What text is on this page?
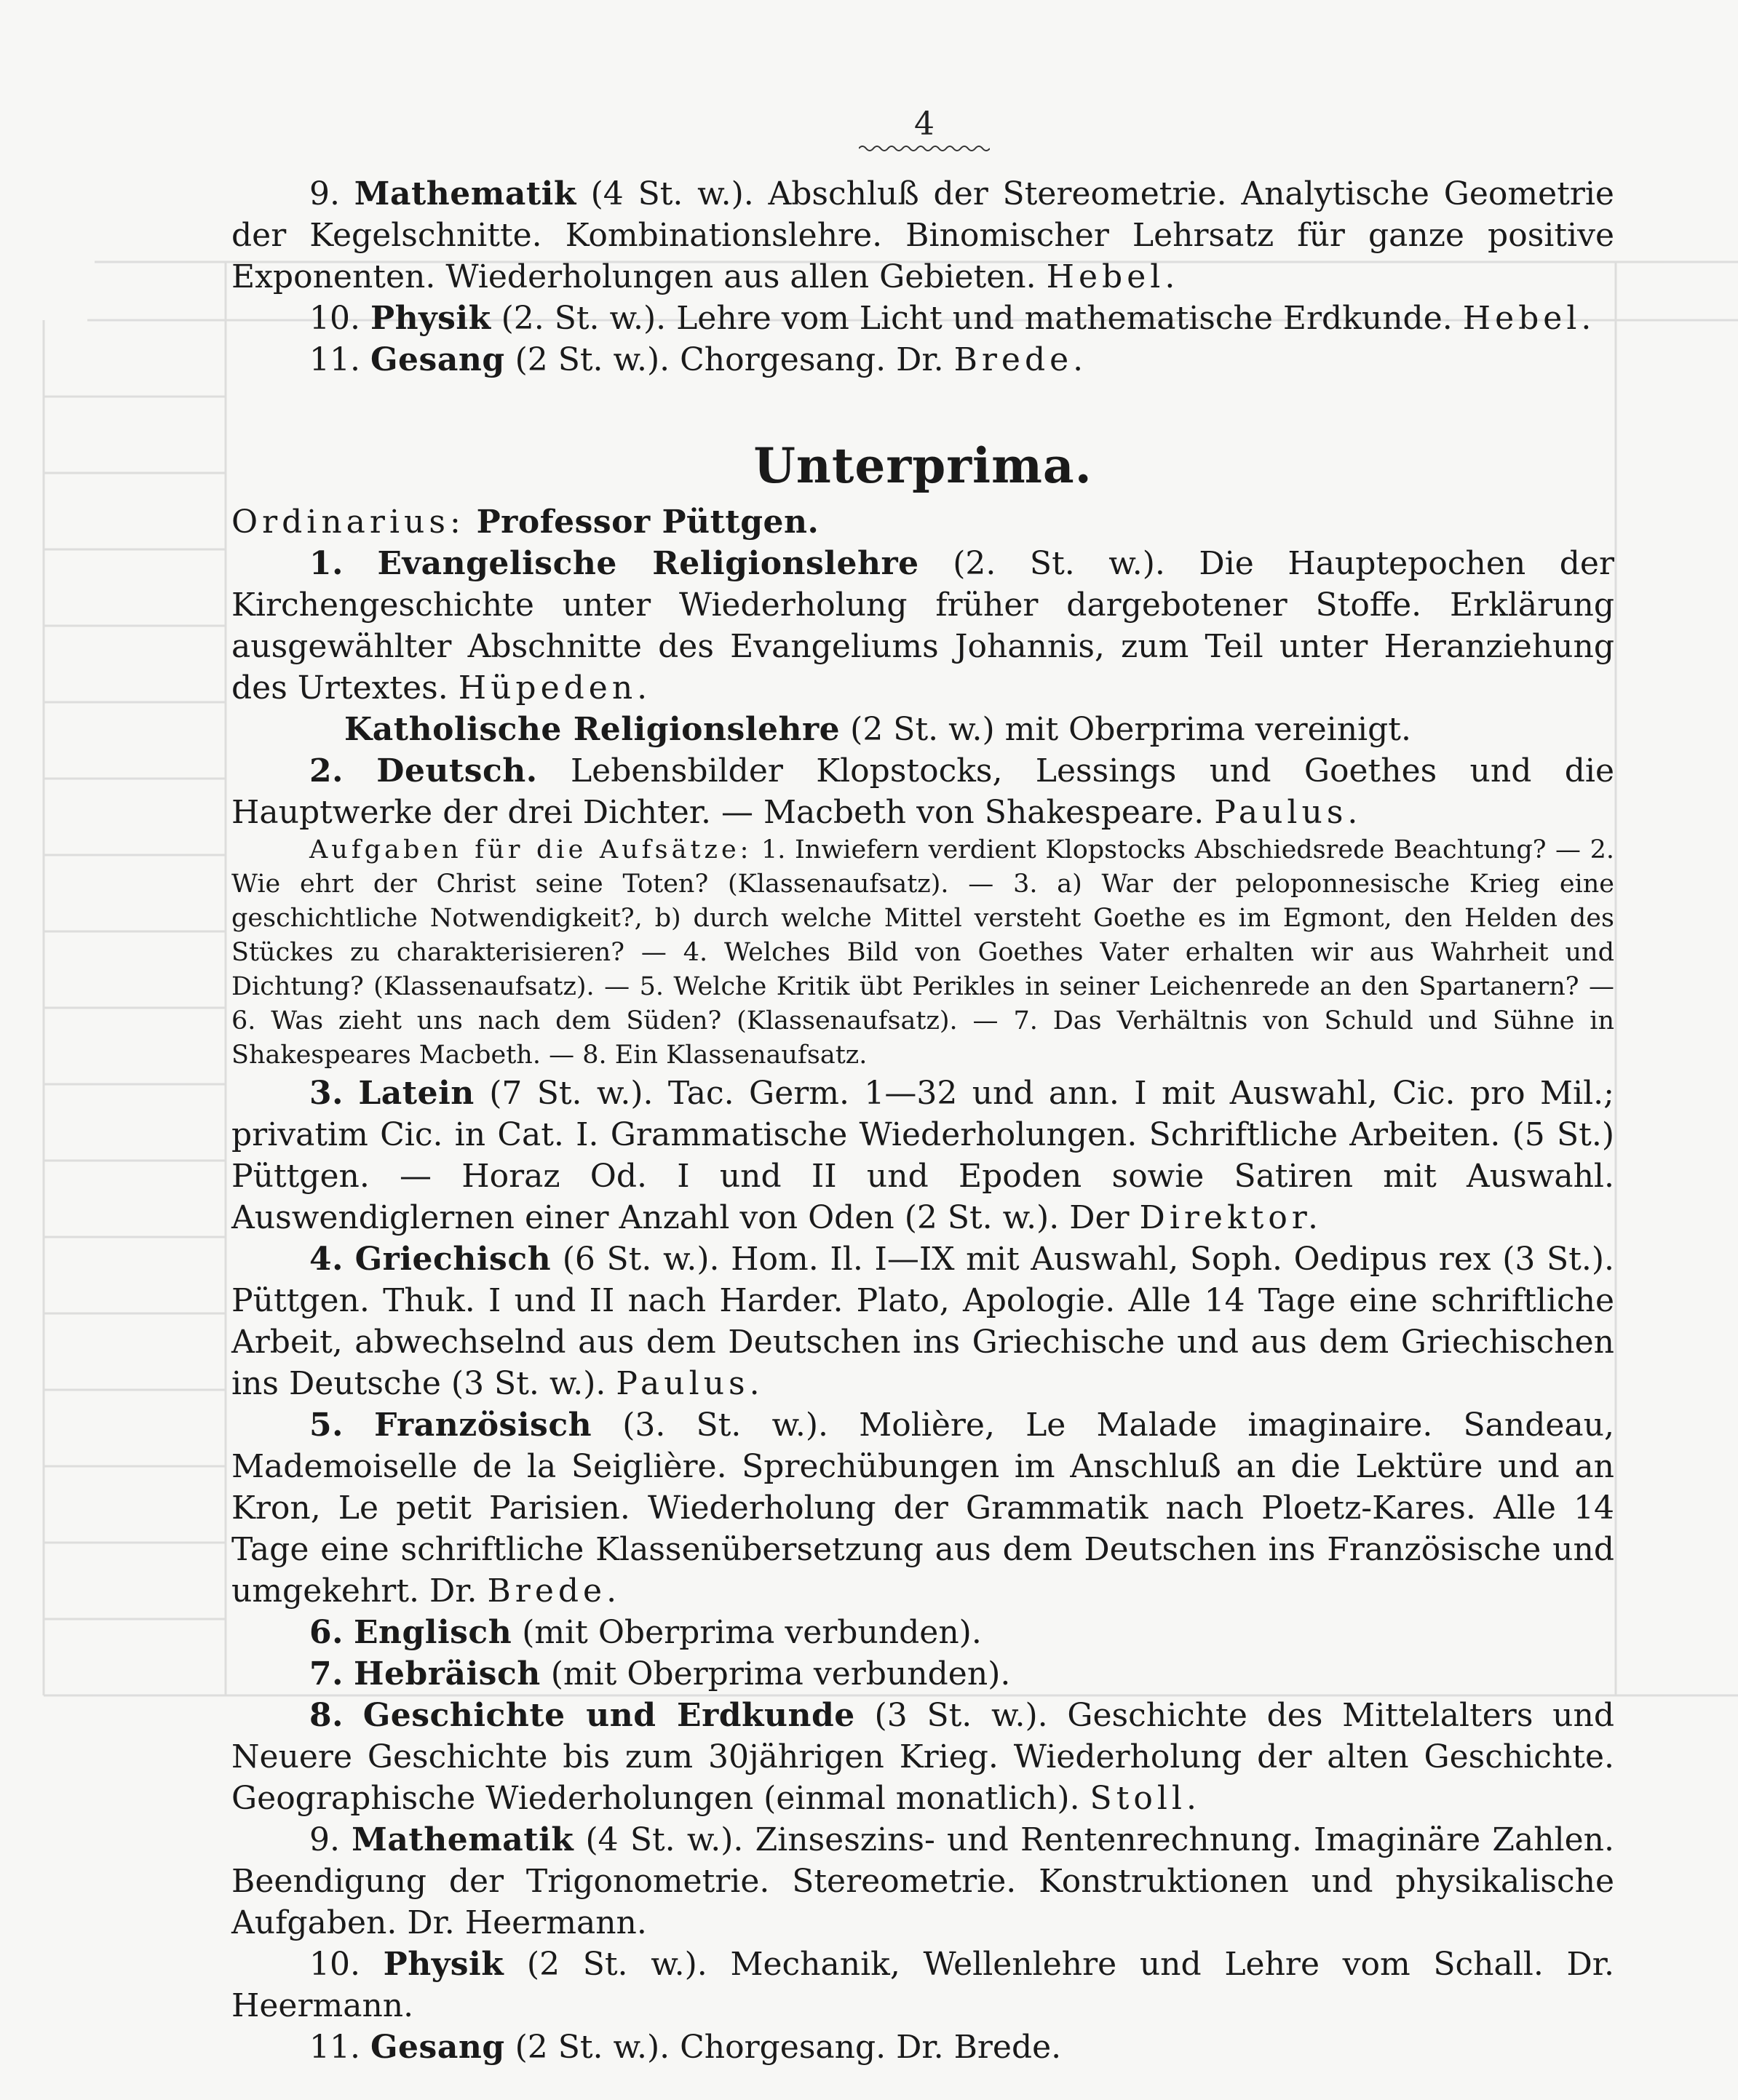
4

9. Mathematik (4 St. w.). Abschluß der Stereometrie. Analytische Geometrie der Kegelschnitte. Kombinationslehre. Binomischer Lehrsatz für ganze positive Exponenten. Wiederholungen aus allen Gebieten. Hebel.

10. Physik (2. St. w.). Lehre vom Licht und mathematische Erdkunde. Hebel.

11. Gesang (2 St. w.). Chorgesang. Dr. Brede.

Unterprima.

Ordinarius: Professor Püttgen.

1. Evangelische Religionslehre (2. St. w.). Die Hauptepochen der Kirchengeschichte unter Wiederholung früher dargebotener Stoffe. Erklärung ausgewählter Abschnitte des Evangeliums Johannis, zum Teil unter Heranziehung des Urtextes. Hüpeden.

Katholische Religionslehre (2 St. w.) mit Oberprima vereinigt.

2. Deutsch. Lebensbilder Klopstocks, Lessings und Goethes und die Hauptwerke der drei Dichter. — Macbeth von Shakespeare. Paulus.

Aufgaben für die Aufsätze: 1. Inwiefern verdient Klopstocks Abschiedsrede Beachtung? — 2. Wie ehrt der Christ seine Toten? (Klassenaufsatz). — 3. a) War der peloponnesische Krieg eine geschichtliche Notwendigkeit?, b) durch welche Mittel versteht Goethe es im Egmont, den Helden des Stückes zu charakterisieren? — 4. Welches Bild von Goethes Vater erhalten wir aus Wahrheit und Dichtung? (Klassenaufsatz). — 5. Welche Kritik übt Perikles in seiner Leichenrede an den Spartanern? — 6. Was zieht uns nach dem Süden? (Klassenaufsatz). — 7. Das Verhältnis von Schuld und Sühne in Shakespeares Macbeth. — 8. Ein Klassenaufsatz.

3. Latein (7 St. w.). Tac. Germ. 1—32 und ann. I mit Auswahl, Cic. pro Mil.; privatim Cic. in Cat. I. Grammatische Wiederholungen. Schriftliche Arbeiten. (5 St.) Püttgen. — Horaz Od. I und II und Epoden sowie Satiren mit Auswahl. Auswendiglernen einer Anzahl von Oden (2 St. w.). Der Direktor.

4. Griechisch (6 St. w.). Hom. Il. I—IX mit Auswahl, Soph. Oedipus rex (3 St.). Püttgen. Thuk. I und II nach Harder. Plato, Apologie. Alle 14 Tage eine schriftliche Arbeit, abwechselnd aus dem Deutschen ins Griechische und aus dem Griechischen ins Deutsche (3 St. w.). Paulus.

5. Französisch (3. St. w.). Molière, Le Malade imaginaire. Sandeau, Mademoiselle de la Seiglière. Sprechübungen im Anschluß an die Lektüre und an Kron, Le petit Parisien. Wiederholung der Grammatik nach Ploetz-Kares. Alle 14 Tage eine schriftliche Klassenübersetzung aus dem Deutschen ins Französische und umgekehrt. Dr. Brede.

6. Englisch (mit Oberprima verbunden).

7. Hebräisch (mit Oberprima verbunden).

8. Geschichte und Erdkunde (3 St. w.). Geschichte des Mittelalters und Neuere Geschichte bis zum 30jährigen Krieg. Wiederholung der alten Geschichte. Geographische Wiederholungen (einmal monatlich). Stoll.

9. Mathematik (4 St. w.). Zinseszins- und Rentenrechnung. Imaginäre Zahlen. Beendigung der Trigonometrie. Stereometrie. Konstruktionen und physikalische Aufgaben. Dr. Heermann.

10. Physik (2 St. w.). Mechanik, Wellenlehre und Lehre vom Schall. Dr. Heermann.

11. Gesang (2 St. w.). Chorgesang. Dr. Brede.
